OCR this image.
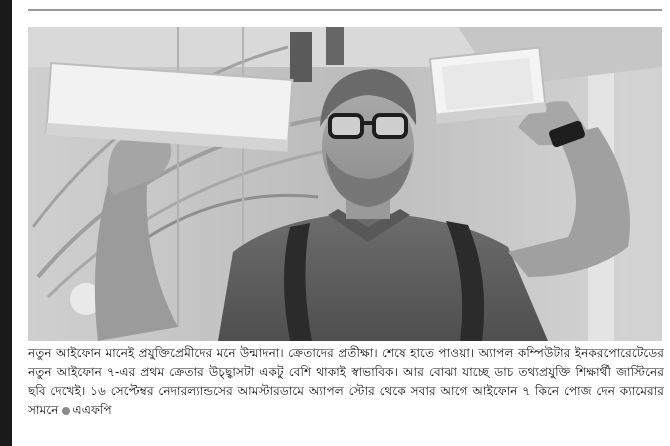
নতুন আইফোন মানেই প্রযুক্তিপ্রেমীদের মনে উন্মাদনা। ক্রেতাদের প্রতীক্ষা। শেষে হাতে পাওয়া। অ্যাপল কম্পিউটার ইনকরপোরেটেডের নতুন আইফোন ৭-এর প্রথম ক্রেতার উচ্ছ্বাসটা একটু বেশি থাকাই স্বাভাবিক। আর বোঝা যাচ্ছে ডাচ তথ্যপ্রযুক্তি শিক্ষার্থী জাস্টিনের ছবি দেখেই। ১৬ সেপ্টেম্বর নেদারল্যান্ডসের আমস্টারডামে অ্যাপল স্টোর থেকে সবার আগে আইফোন ৭ কিনে পোজ দেন ক্যামেরার সামনে এএফপি
